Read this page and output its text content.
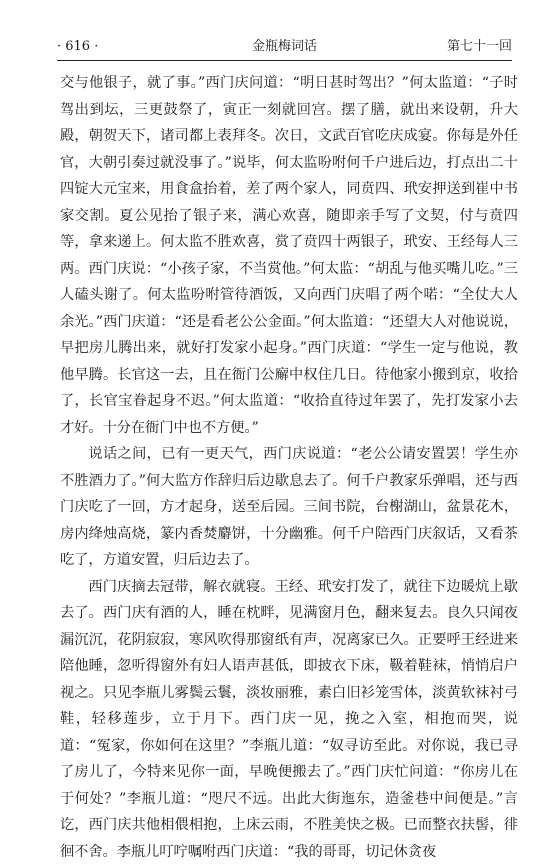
· 616 ·	金瓶梅词话	第七十一回

交与他银子，就了事。”西门庆问道：“明日甚时驾出？”何太监道：“子时驾出到坛，三更鼓祭了，寅正一刻就回宫。摆了膳，就出来设朝，升大殿，朝贺天下，诸司都上表拜冬。次日，文武百官吃庆成宴。你每是外任官，大朝引奏过就没事了。”说毕，何太监吩咐何千户进后边，打点出二十四锭大元宝来，用食盒抬着，差了两个家人，同贲四、玳安押送到崔中书家交割。夏公见抬了银子来，满心欢喜，随即亲手写了文契，付与贲四等，拿来递上。何太监不胜欢喜，赏了贲四十两银子，玳安、王经每人三两。西门庆说：“小孩子家，不当赏他。”何太监：“胡乱与他买嘴儿吃。”三人磕头谢了。何太监吩咐管待酒饭，又向西门庆唱了两个喏：“全仗大人余光。”西门庆道：“还是看老公公金面。”何太监道：“还望大人对他说说，早把房儿腾出来，就好打发家小起身。”西门庆道：“学生一定与他说，教他早腾。长官这一去，且在衙门公廨中权住几日。待他家小搬到京，收拾了，长官宝眷起身不迟。”何太监道：“收拾直待过年罢了，先打发家小去才好。十分在衙门中也不方便。”

说话之间，已有一更天气，西门庆说道：“老公公请安置罢！学生亦不胜酒力了。”何大监方作辞归后边歇息去了。何千户教家乐弹唱，还与西门庆吃了一回，方才起身，送至后园。三间书院，台榭湖山，盆景花木，房内绛烛高烧，篆内香焚麝饼，十分幽雅。何千户陪西门庆叙话，又看茶吃了，方道安置，归后边去了。

西门庆摘去冠带，解衣就寝。王经、玳安打发了，就往下边暖炕上歇去了。西门庆有酒的人，睡在枕畔，见满窗月色，翻来复去。良久只闻夜漏沉沉，花阴寂寂，寒风吹得那窗纸有声，况离家已久。正要呼王经进来陪他睡，忽听得窗外有妇人语声甚低，即披衣下床，靸着鞋袜，悄悄启户视之。只见李瓶儿雾鬓云鬟，淡妆丽雅，素白旧衫笼雪体，淡黄软袜衬弓鞋，轻移莲步，立于月下。西门庆一见，挽之入室，相抱而哭，说道：“冤家，你如何在这里？”李瓶儿道：“奴寻访至此。对你说，我已寻了房儿了，今特来见你一面，早晚便搬去了。”西门庆忙问道：“你房儿在于何处？”李瓶儿道：“咫尺不远。出此大街迤东，造釜巷中间便是。”言讫，西门庆共他相偎相抱，上床云雨，不胜美快之极。已而整衣扶髻，徘徊不舍。李瓶儿叮咛嘱咐西门庆道：“我的哥哥，切记休贪夜
